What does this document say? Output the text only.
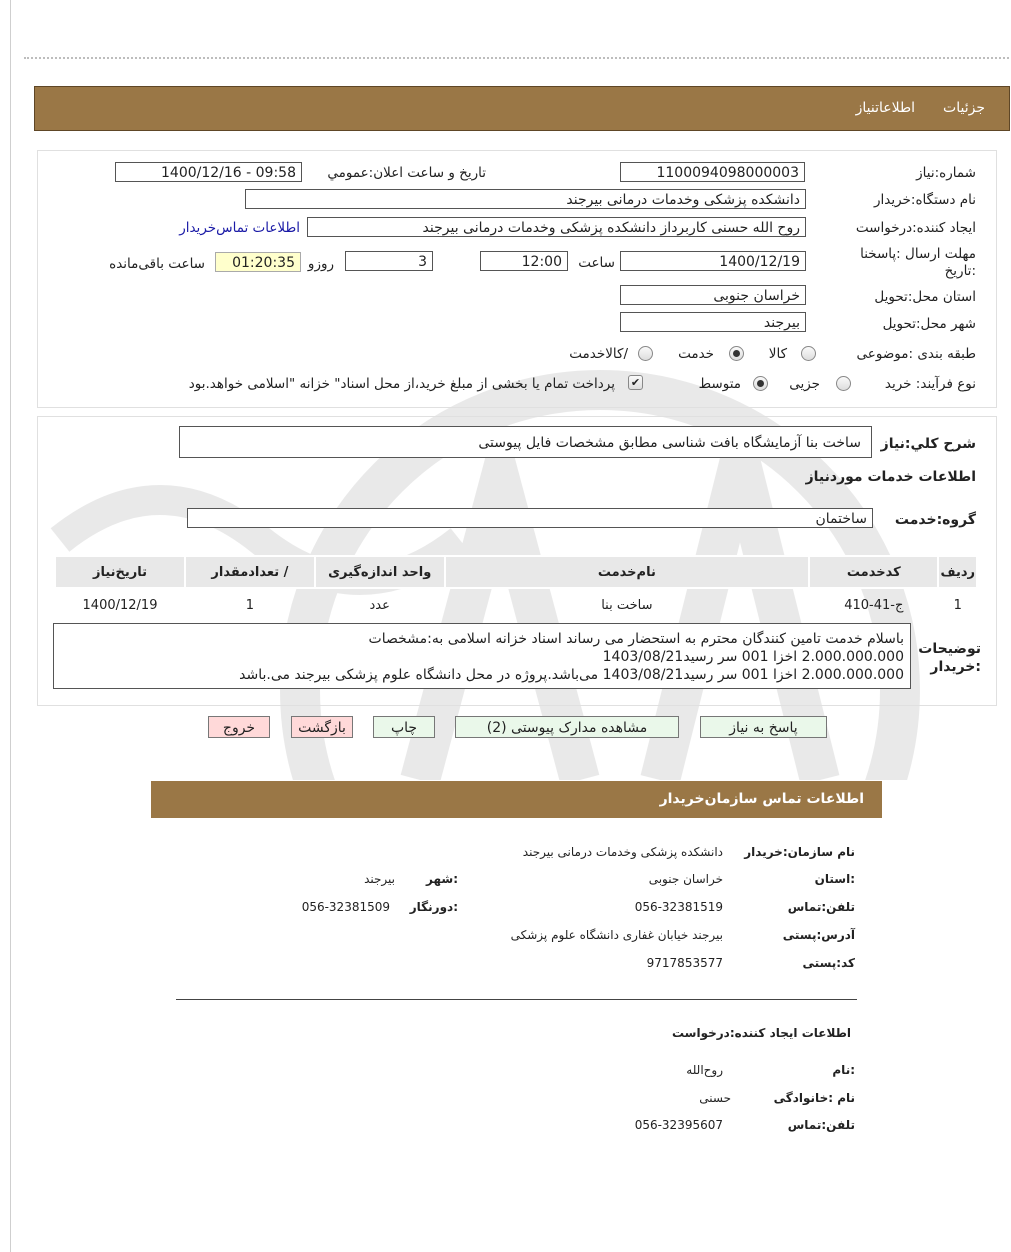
جزئیات
اطلاعاتنیاز
شماره:نیاز
1100094098000003
تاریخ و ساعت اعلان:عمومي
1400/12/16 - 09:58
نام دستگاه:خریدار
دانشکده پزشکی وخدمات درمانی بیرجند
ایجاد کننده:درخواست
روح الله حسنی کاربرداز دانشکده پزشکی وخدمات درمانی بیرجند
اطلاعات تماس‌خریدار
مهلت ارسال :پاسخنا :تاریخ
1400/12/19
ساعت
12:00
3
روزو
01:20:35
ساعت باقی‌مانده
استان محل:تحویل
خراسان جنوبی
شهر محل:تحویل
بیرجند
طبقه بندی :موضوعی
کالا
خدمت
/کالاخدمت
نوع فرآیند: خرید
جزیی
متوسط
✔
پرداخت تمام یا بخشی از مبلغ خرید،از محل اسناد" خزانه "اسلامی خواهد.بود
شرح کلي:نياز
ساخت بنا آزمایشگاه بافت شناسی مطابق مشخصات فایل پیوستی
اطلاعات خدمات موردنیاز
گروه:خدمت
ساختمان
ردیف	کدخدمت	نام‌خدمت	واحد اندازه‌گیری	/ تعدادمقدار	تاریخ‌نیاز
1	ج-41-410	ساخت بنا	عدد	1	1400/12/19
توضیحات :خریدار
باسلام خدمت تامین کنندگان محترم به استحضار می رساند اسناد خزانه اسلامی به:مشخصات
2.000.000.000 اخزا 001 سر رسید1403/08/21
2.000.000.000 اخزا 001 سر رسید1403/08/21 می‌باشد.پروژه در محل دانشگاه علوم پزشکی بیرجند می.باشد
پاسخ به نیاز
مشاهده مدارک پیوستی (2)
چاپ
بازگشت
خروج
اطلاعات تماس سازمان‌خریدار
نام سازمان:خریدار
دانشکده پزشکی وخدمات درمانی بیرجند
:استان
خراسان جنوبی
:شهر
بیرجند
تلفن:تماس
056-32381519
:دورنگار
056-32381509
آدرس:پستی
بیرجند خیابان غفاری دانشگاه علوم پزشکی
کد:پستی
9717853577
اطلاعات ایجاد کننده:درخواست
:نام
روح‌الله
نام :خانوادگی
حسنی
تلفن:تماس
056-32395607
